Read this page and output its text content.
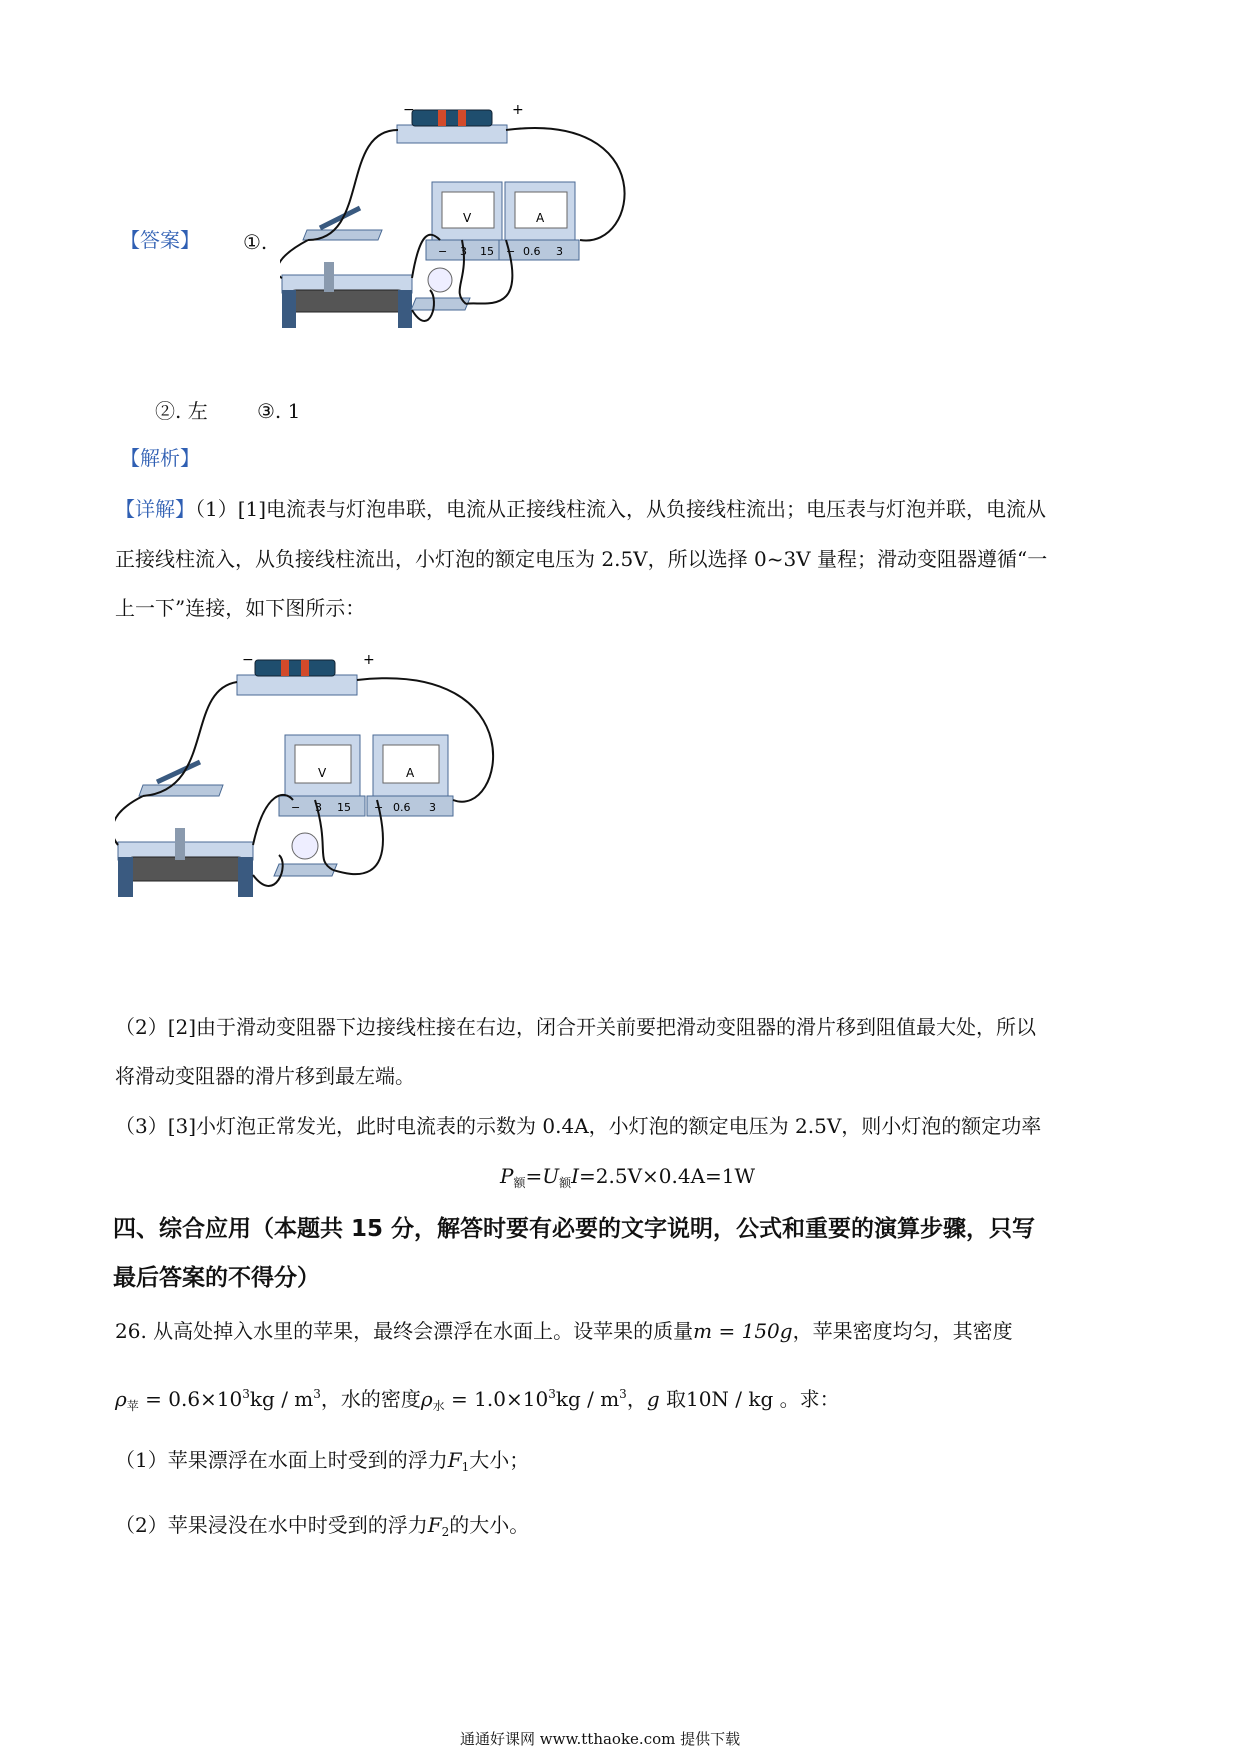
【答案】 ①.
−	+
V
− 3 15
A
− 0.6 3
②. 左 ③. 1
【解析】
【详解】（1）[1]电流表与灯泡串联，电流从正接线柱流入，从负接线柱流出；电压表与灯泡并联，电流从
正接线柱流入，从负接线柱流出，小灯泡的额定电压为 2.5V，所以选择 0~3V 量程；滑动变阻器遵循“一
上一下”连接，如下图所示：
−	+
V
− 3 15
A
− 0.6 3
（2）[2]由于滑动变阻器下边接线柱接在右边，闭合开关前要把滑动变阻器的滑片移到阻值最大处，所以
将滑动变阻器的滑片移到最左端。
（3）[3]小灯泡正常发光，此时电流表的示数为 0.4A，小灯泡的额定电压为 2.5V，则小灯泡的额定功率
$P_额=U_额I=2.5V\times 0.4A=1W$
四、综合应用（本题共 15 分，解答时要有必要的文字说明，公式和重要的演算步骤，只写
最后答案的不得分）
26. 从高处掉入水里的苹果，最终会漂浮在水面上。设苹果的质量m = 150g，苹果密度均匀，其密度
$\rho_苹 = 0.6\times 10^3kg / m^3$，水的密度$\rho_水 = 1.0\times 10^3kg / m^3$，g 取10N / kg 。求：
（1）苹果漂浮在水面上时受到的浮力$F_1$大小；
（2）苹果浸没在水中时受到的浮力$F_2$的大小。
通通好课网 www.tthaoke.com 提供下载
